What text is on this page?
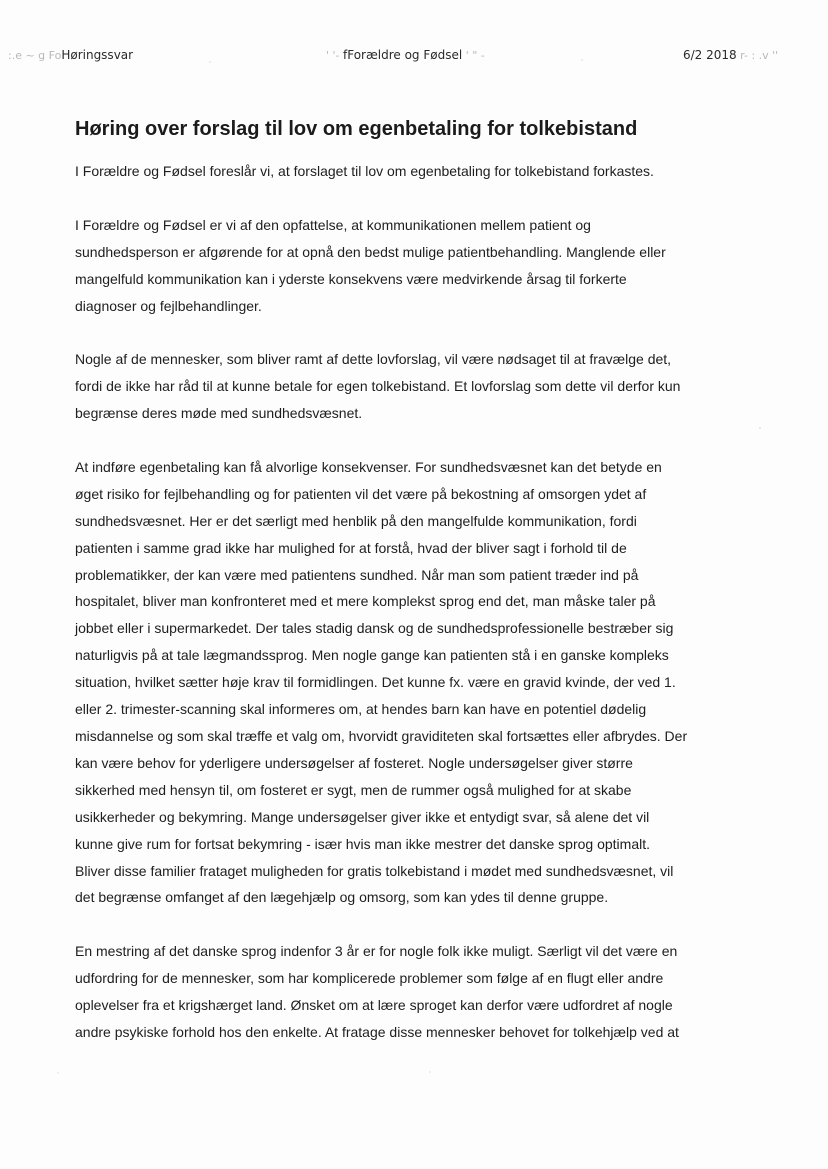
:.e ~ g FoHøringssvar	' '- fForældre og Fødsel ' " -	6/2 2018 r- : .v ''
Høring over forslag til lov om egenbetaling for tolkebistand

I Forældre og Fødsel foreslår vi, at forslaget til lov om egenbetaling for tolkebistand forkastes.

I Forældre og Fødsel er vi af den opfattelse, at kommunikationen mellem patient og
sundhedsperson er afgørende for at opnå den bedst mulige patientbehandling. Manglende eller
mangelfuld kommunikation kan i yderste konsekvens være medvirkende årsag til forkerte
diagnoser og fejlbehandlinger.

Nogle af de mennesker, som bliver ramt af dette lovforslag, vil være nødsaget til at fravælge det,
fordi de ikke har råd til at kunne betale for egen tolkebistand. Et lovforslag som dette vil derfor kun
begrænse deres møde med sundhedsvæsnet.

At indføre egenbetaling kan få alvorlige konsekvenser. For sundhedsvæsnet kan det betyde en
øget risiko for fejlbehandling og for patienten vil det være på bekostning af omsorgen ydet af
sundhedsvæsnet. Her er det særligt med henblik på den mangelfulde kommunikation, fordi
patienten i samme grad ikke har mulighed for at forstå, hvad der bliver sagt i forhold til de
problematikker, der kan være med patientens sundhed. Når man som patient træder ind på
hospitalet, bliver man konfronteret med et mere komplekst sprog end det, man måske taler på
jobbet eller i supermarkedet. Der tales stadig dansk og de sundhedsprofessionelle bestræber sig
naturligvis på at tale lægmandssprog. Men nogle gange kan patienten stå i en ganske kompleks
situation, hvilket sætter høje krav til formidlingen. Det kunne fx. være en gravid kvinde, der ved 1.
eller 2. trimester-scanning skal informeres om, at hendes barn kan have en potentiel dødelig
misdannelse og som skal træffe et valg om, hvorvidt graviditeten skal fortsættes eller afbrydes. Der
kan være behov for yderligere undersøgelser af fosteret. Nogle undersøgelser giver større
sikkerhed med hensyn til, om fosteret er sygt, men de rummer også mulighed for at skabe
usikkerheder og bekymring. Mange undersøgelser giver ikke et entydigt svar, så alene det vil
kunne give rum for fortsat bekymring - især hvis man ikke mestrer det danske sprog optimalt.
Bliver disse familier frataget muligheden for gratis tolkebistand i mødet med sundhedsvæsnet, vil
det begrænse omfanget af den lægehjælp og omsorg, som kan ydes til denne gruppe.

En mestring af det danske sprog indenfor 3 år er for nogle folk ikke muligt. Særligt vil det være en
udfordring for de mennesker, som har komplicerede problemer som følge af en flugt eller andre
oplevelser fra et krigshærget land. Ønsket om at lære sproget kan derfor være udfordret af nogle
andre psykiske forhold hos den enkelte. At fratage disse mennesker behovet for tolkehjælp ved at
